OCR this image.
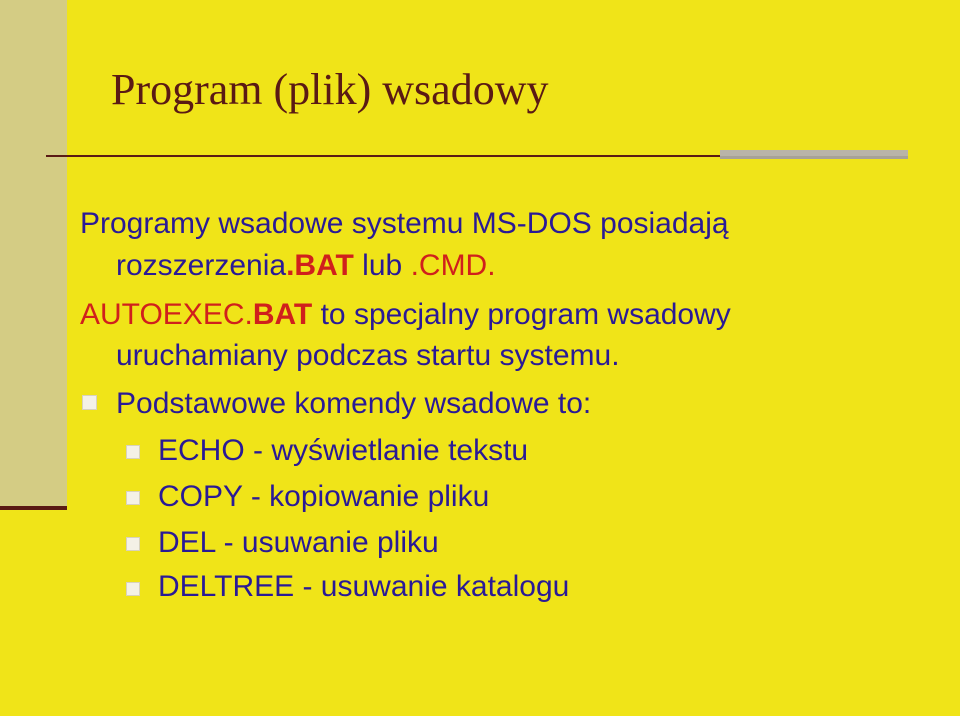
Program (plik) wsadowy
Programy wsadowe systemu MS-DOS posiadają
rozszerzenia.BAT lub .CMD.
AUTOEXEC.BAT to specjalny program wsadowy
uruchamiany podczas startu systemu.
Podstawowe komendy wsadowe to:
ECHO - wyświetlanie tekstu
COPY - kopiowanie pliku
DEL - usuwanie pliku
DELTREE - usuwanie katalogu
